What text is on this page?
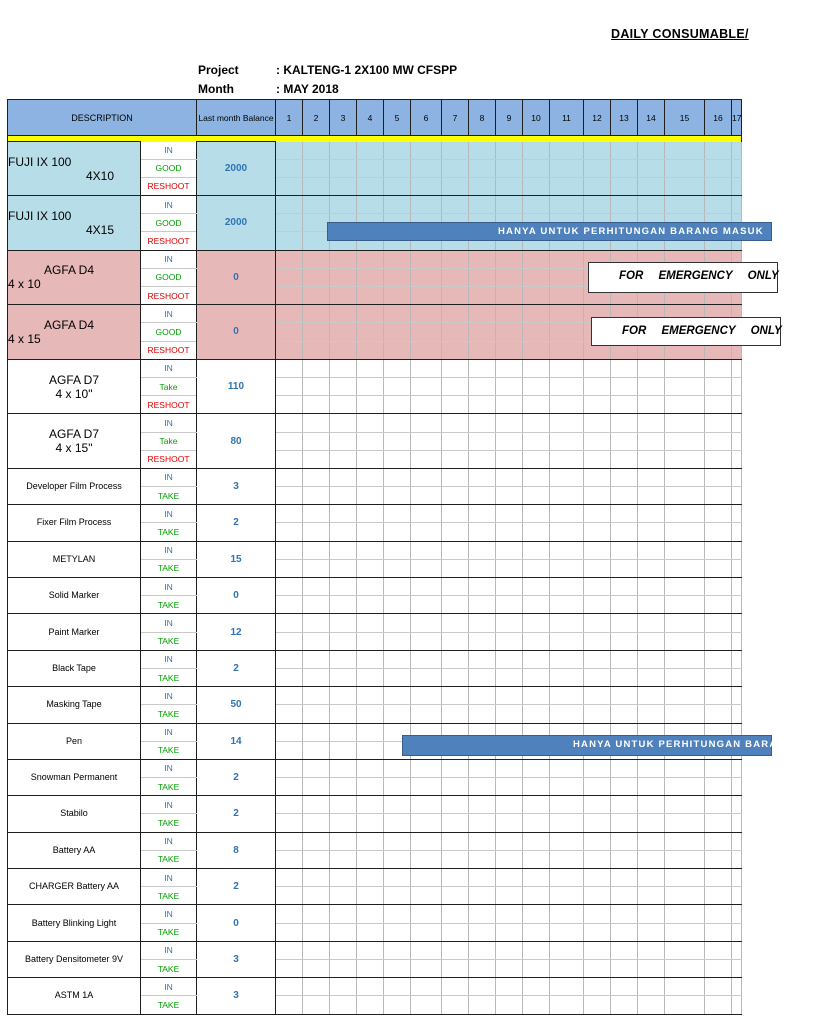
DAILY CONSUMABLE/
Project	: KALTENG-1 2X100 MW CFSPP
Month	: MAY 2018
DESCRIPTION		Last month Balance	1	2	3	4	5	6	7	8	9	10	11	12	13	14	15	16	17

FUJI IX 100
4X10	IN	2000																	
	GOOD																		
	RESHOOT																		

FUJI IX 100
4X15	IN	2000																	
	GOOD																		
	RESHOOT																		

AGFA D4
4 x 10	IN	0																	
	GOOD																		
	RESHOOT																		

AGFA D4
4 x 15	IN	0																	
	GOOD																		
	RESHOOT																		

AGFA D7
4 x 10"	IN	110																	
	Take																		
	RESHOOT																		

AGFA D7
4 x 15"	IN	80																	
	Take																		
	RESHOOT																		

Developer Film Process	IN	3																	
	TAKE																		

Fixer Film Process	IN	2																	
	TAKE																		

METYLAN	IN	15																	
	TAKE																		

Solid Marker	IN	0																	
	TAKE																		

Paint Marker	IN	12																	
	TAKE																		

Black Tape	IN	2																	
	TAKE																		

Masking Tape	IN	50																	
	TAKE																		

Pen	IN	14																	
	TAKE																		

Snowman Permanent	IN	2																	
	TAKE																		

Stabilo	IN	2																	
	TAKE																		

Battery AA	IN	8																	
	TAKE																		

CHARGER Battery AA	IN	2																	
	TAKE																		

Battery Blinking Light	IN	0																	
	TAKE																		

Battery Densitometer 9V	IN	3																	
	TAKE																		

ASTM 1A	IN	3																	
	TAKE																		
HANYA UNTUK PERHITUNGAN BARANG MASUK
HANYA UNTUK PERHITUNGAN BARANG MASUK
FOR EMERGENCY ONLY
FOR EMERGENCY ONLY
